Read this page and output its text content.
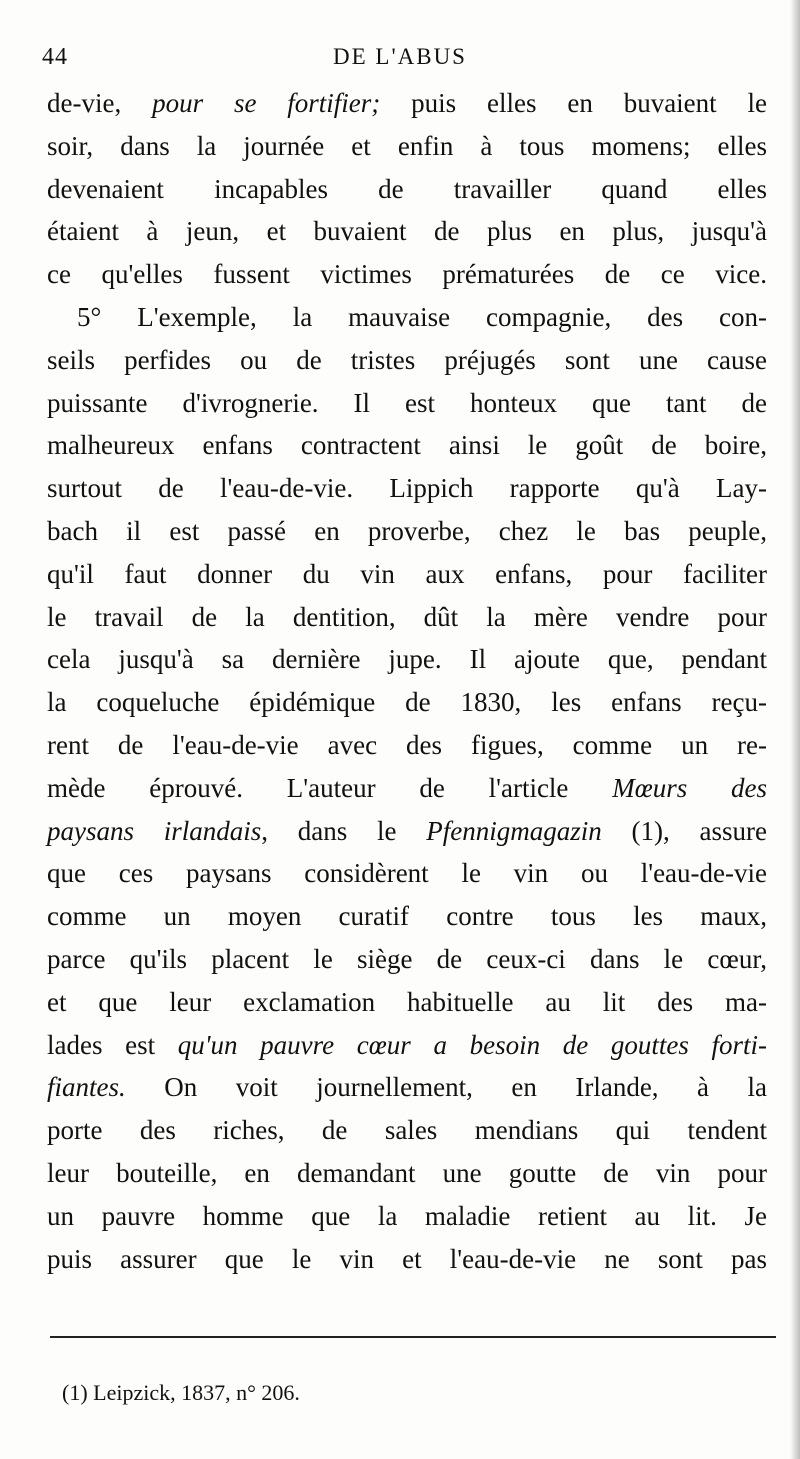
44	DE L'ABUS
de-vie, pour se fortifier; puis elles en buvaient le
soir, dans la journée et enfin à tous momens; elles
devenaient incapables de travailler quand elles
étaient à jeun, et buvaient de plus en plus, jusqu'à
ce qu'elles fussent victimes prématurées de ce vice.
5° L'exemple, la mauvaise compagnie, des con-
seils perfides ou de tristes préjugés sont une cause
puissante d'ivrognerie. Il est honteux que tant de
malheureux enfans contractent ainsi le goût de boire,
surtout de l'eau-de-vie. Lippich rapporte qu'à Lay-
bach il est passé en proverbe, chez le bas peuple,
qu'il faut donner du vin aux enfans, pour faciliter
le travail de la dentition, dût la mère vendre pour
cela jusqu'à sa dernière jupe. Il ajoute que, pendant
la coqueluche épidémique de 1830, les enfans reçu-
rent de l'eau-de-vie avec des figues, comme un re-
mède éprouvé. L'auteur de l'article Mœurs des
paysans irlandais, dans le Pfennigmagazin (1), assure
que ces paysans considèrent le vin ou l'eau-de-vie
comme un moyen curatif contre tous les maux,
parce qu'ils placent le siège de ceux-ci dans le cœur,
et que leur exclamation habituelle au lit des ma-
lades est qu'un pauvre cœur a besoin de gouttes forti-
fiantes. On voit journellement, en Irlande, à la
porte des riches, de sales mendians qui tendent
leur bouteille, en demandant une goutte de vin pour
un pauvre homme que la maladie retient au lit. Je
puis assurer que le vin et l'eau-de-vie ne sont pas
(1) Leipzick, 1837, n° 206.
